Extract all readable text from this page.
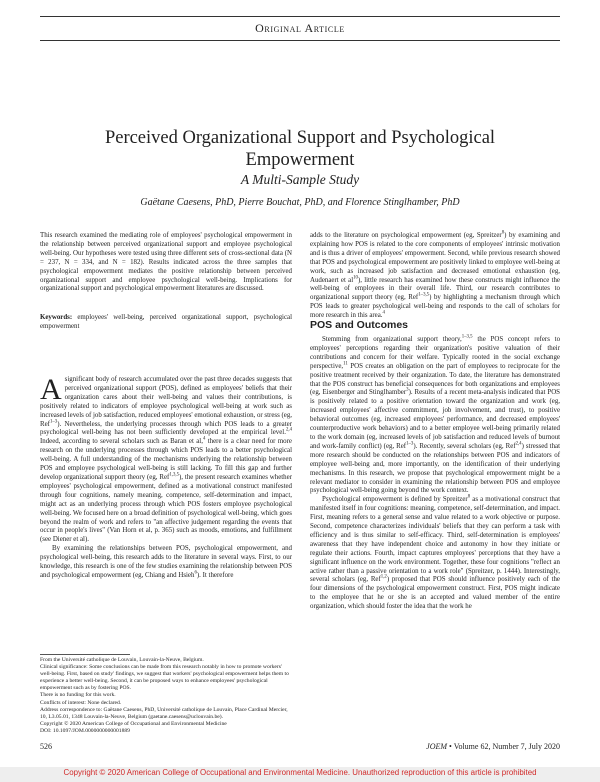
Original Article
Perceived Organizational Support and Psychological Empowerment
A Multi-Sample Study
Gaëtane Caesens, PhD, Pierre Bouchat, PhD, and Florence Stinglhamber, PhD

This research examined the mediating role of employees' psychological empowerment in the relationship between perceived organizational support and employee psychological well-being. Our hypotheses were tested using three different sets of cross-sectional data (N = 237, N = 334, and N = 182). Results indicated across the three samples that psychological empowerment mediates the positive relationship between perceived organizational support and employee psychological well-being. Implications for organizational support and psychological empowerment literatures are discussed.

Keywords: employees' well-being, perceived organizational support, psychological empowerment

Asignificant body of research accumulated over the past three decades suggests that perceived organizational support (POS), defined as employees' beliefs that their organization cares about their well-being and values their contributions, is positively related to indicators of employee psychological well-being at work such as increased levels of job satisfaction, reduced employees' emotional exhaustion, or stress (eg, Ref$^{1-3}$). Nevertheless, the underlying processes through which POS leads to a greater psychological well-being has not been sufficiently developed at the empirical level.$^{2,4}$ Indeed, according to several scholars such as Baran et al,$^4$ there is a clear need for more research on the underlying processes through which POS leads to a better psychological well-being. A full understanding of the mechanisms underlying the relationship between POS and employee psychological well-being is still lacking. To fill this gap and further develop organizational support theory (eg, Ref$^{1,3,5}$), the present research examines whether employees' psychological empowerment, defined as a motivational construct manifested through four cognitions, namely meaning, competence, self-determination and impact, might act as an underlying process through which POS fosters employee psychological well-being. We focused here on a broad definition of psychological well-being, which goes beyond the realm of work and refers to "an affective judgement regarding the events that occur in people's lives" (Van Horn et al, p. 365) such as moods, emotions, and fulfillment (see Diener et al).

By examining the relationships between POS, psychological empowerment, and psychological well-being, this research adds to the literature in several ways. First, to our knowledge, this research is one of the few studies examining the relationship between POS and psychological empowerment (eg, Chiang and Hsieh$^6$). It therefore

From the Université catholique de Louvain, Louvain-la-Neuve, Belgium.

Clinical significance: Some conclusions can be made from this research notably in how to promote workers' well-being. First, based on study' findings, we suggest that workers' psychological empowerment helps them to experience a better well-being. Second, it can be proposed ways to enhance employees' psychological empowerment such as by fostering POS.

There is no funding for this work.

Conflicts of interest: None declared.

Address correspondence to: Gaëtane Caesens, PhD, Université catholique de Louvain, Place Cardinal Mercier, 10, L3.05.01, 1348 Louvain-la-Neuve, Belgium (gaetane.caesens@uclouvain.be).

Copyright © 2020 American College of Occupational and Environmental Medicine

DOI: 10.1097/JOM.0000000000001889

adds to the literature on psychological empowerment (eg, Spreitzer$^8$) by examining and explaining how POS is related to the core components of employees' intrinsic motivation and is thus a driver of employees' empowerment. Second, while previous research showed that POS and psychological empowerment are positively linked to employee well-being at work, such as increased job satisfaction and decreased emotional exhaustion (eg, Audenaert et $al^{10}$), little research has examined how these constructs might influence the well-being of employees in their overall life. Third, our research contributes to organizational support theory (eg, Ref$^{1-3,5}$) by highlighting a mechanism through which POS leads to greater psychological well-being and responds to the call of scholars for more research in this area.$^4$

POS and Outcomes

Stemming from organizational support theory,$^{1-3,5}$ the POS concept refers to employees' perceptions regarding their organization's positive valuation of their contributions and concern for their welfare. Typically rooted in the social exchange perspective,$^{11}$ POS creates an obligation on the part of employees to reciprocate for the positive treatment received by their organization. To date, the literature has demonstrated that the POS construct has beneficial consequences for both organizations and employees (eg, Eisenberger and Stinglhamber$^3$). Results of a recent meta-analysis indicated that POS is positively related to a positive orientation toward the organization and work (eg, increased employees' affective commitment, job involvement, and trust), to positive behavioral outcomes (eg, increased employees' performance, and decreased employees' counterproductive work behaviors) and to a better employee well-being primarily related to the work domain (eg, increased levels of job satisfaction and reduced levels of burnout and work-family conflict) (eg, Ref$^{1-3}$). Recently, several scholars (eg, Ref$^{2,4}$) stressed that more research should be conducted on the relationships between POS and indicators of employee well-being and, more importantly, on the identification of their underlying mechanisms. In this research, we propose that psychological empowerment might be a relevant mediator to consider in examining the relationship between POS and employee psychological well-being going beyond the work context.

Psychological empowerment is defined by Spreitzer$^8$ as a motivational construct that manifested itself in four cognitions: meaning, competence, self-determination, and impact. First, meaning refers to a general sense and value related to a work objective or purpose. Second, competence characterizes individuals' beliefs that they can perform a task with efficiency and is thus similar to self-efficacy. Third, self-determination is employees' awareness that they have independent choice and autonomy in how they initiate or regulate their actions. Fourth, impact captures employees' perceptions that they have a significant influence on the work environment. Together, these four cognitions "reflect an active rather than a passive orientation to a work role" (Spreitzer, p. 1444). Interestingly, several scholars (eg, Ref$^{1,2}$) proposed that POS should influence positively each of the four dimensions of the psychological empowerment construct. First, POS might indicate to the employee that he or she is an accepted and valued member of the entire organization, which should foster the idea that the work he

526	JOEM • Volume 62, Number 7, July 2020
Copyright © 2020 American College of Occupational and Environmental Medicine. Unauthorized reproduction of this article is prohibited
